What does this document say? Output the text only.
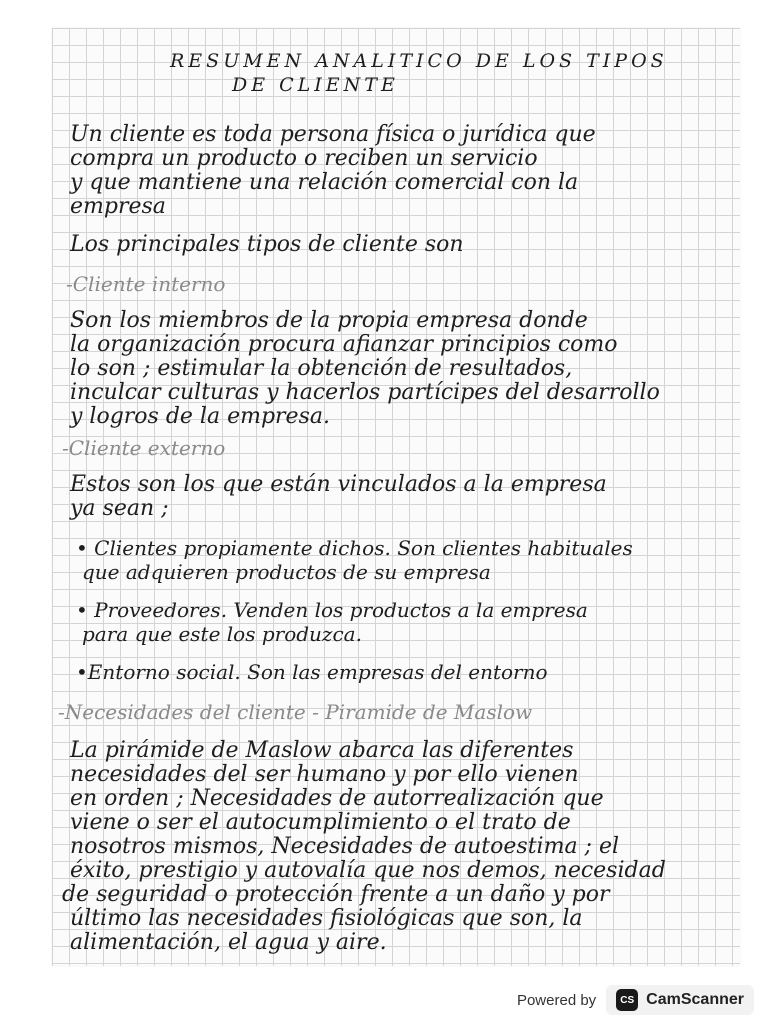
RESUMEN ANALITICO DE LOS TIPOS
DE CLIENTE
Un cliente es toda persona física o jurídica que
compra un producto o reciben un servicio
y que mantiene una relación comercial con la
empresa
Los principales tipos de cliente son
-Cliente interno
Son los miembros de la propia empresa donde
la organización procura afianzar principios como
lo son ; estimular la obtención de resultados,
inculcar culturas y hacerlos partícipes del desarrollo
y logros de la empresa.
-Cliente externo
Estos son los que están vinculados a la empresa
ya sean ;
• Clientes propiamente dichos. Son clientes habituales
que adquieren productos de su empresa
• Proveedores. Venden los productos a la empresa
para que este los produzca.
•Entorno social. Son las empresas del entorno
-Necesidades del cliente - Piramide de Maslow
La pirámide de Maslow abarca las diferentes
necesidades del ser humano y por ello vienen
en orden ; Necesidades de autorrealización que
viene o ser el autocumplimiento o el trato de
nosotros mismos, Necesidades de autoestima ; el
éxito, prestigio y autovalía que nos demos, necesidad
de seguridad o protección frente a un daño y por
último las necesidades fisiológicas que son, la
alimentación, el agua y aire.
Powered by	CS CamScanner
